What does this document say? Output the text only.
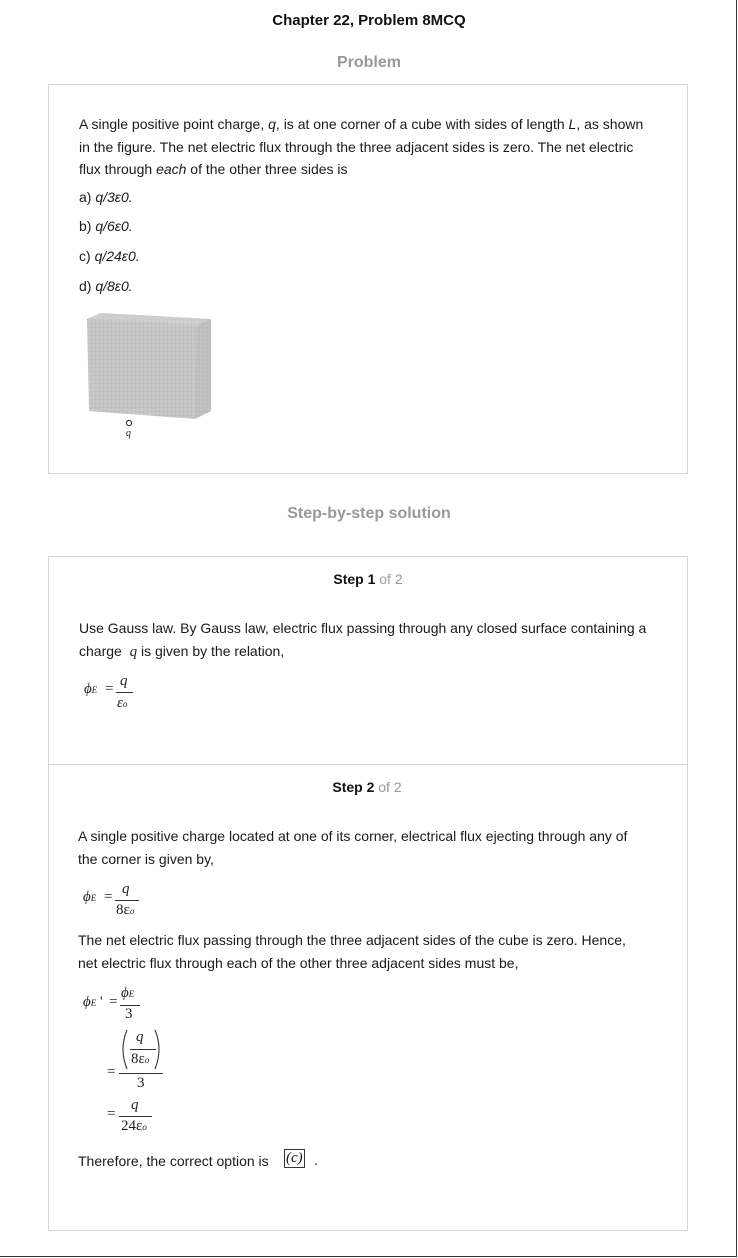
Chapter 22, Problem 8MCQ
Problem
A single positive point charge, q, is at one corner of a cube with sides of length L, as shown
in the figure. The net electric flux through the three adjacent sides is zero. The net electric
flux through each of the other three sides is
a) q/3ε0.
b) q/6ε0.
c) q/24ε0.
d) q/8ε0.
q
Step-by-step solution
Step 1 of 2
Use Gauss law. By Gauss law, electric flux passing through any closed surface containing a
charge  q is given by the relation,
ϕE = q
εo
Step 2 of 2
A single positive charge located at one of its corner, electrical flux ejecting through any of
the corner is given by,
ϕE = q
8εo
The net electric flux passing through the three adjacent sides of the cube is zero. Hence,
net electric flux through each of the other three adjacent sides must be,
ϕE ' =
ϕE
3
=
q
8εo
3
=
q
24εo
Therefore, the correct option is	(c) .
